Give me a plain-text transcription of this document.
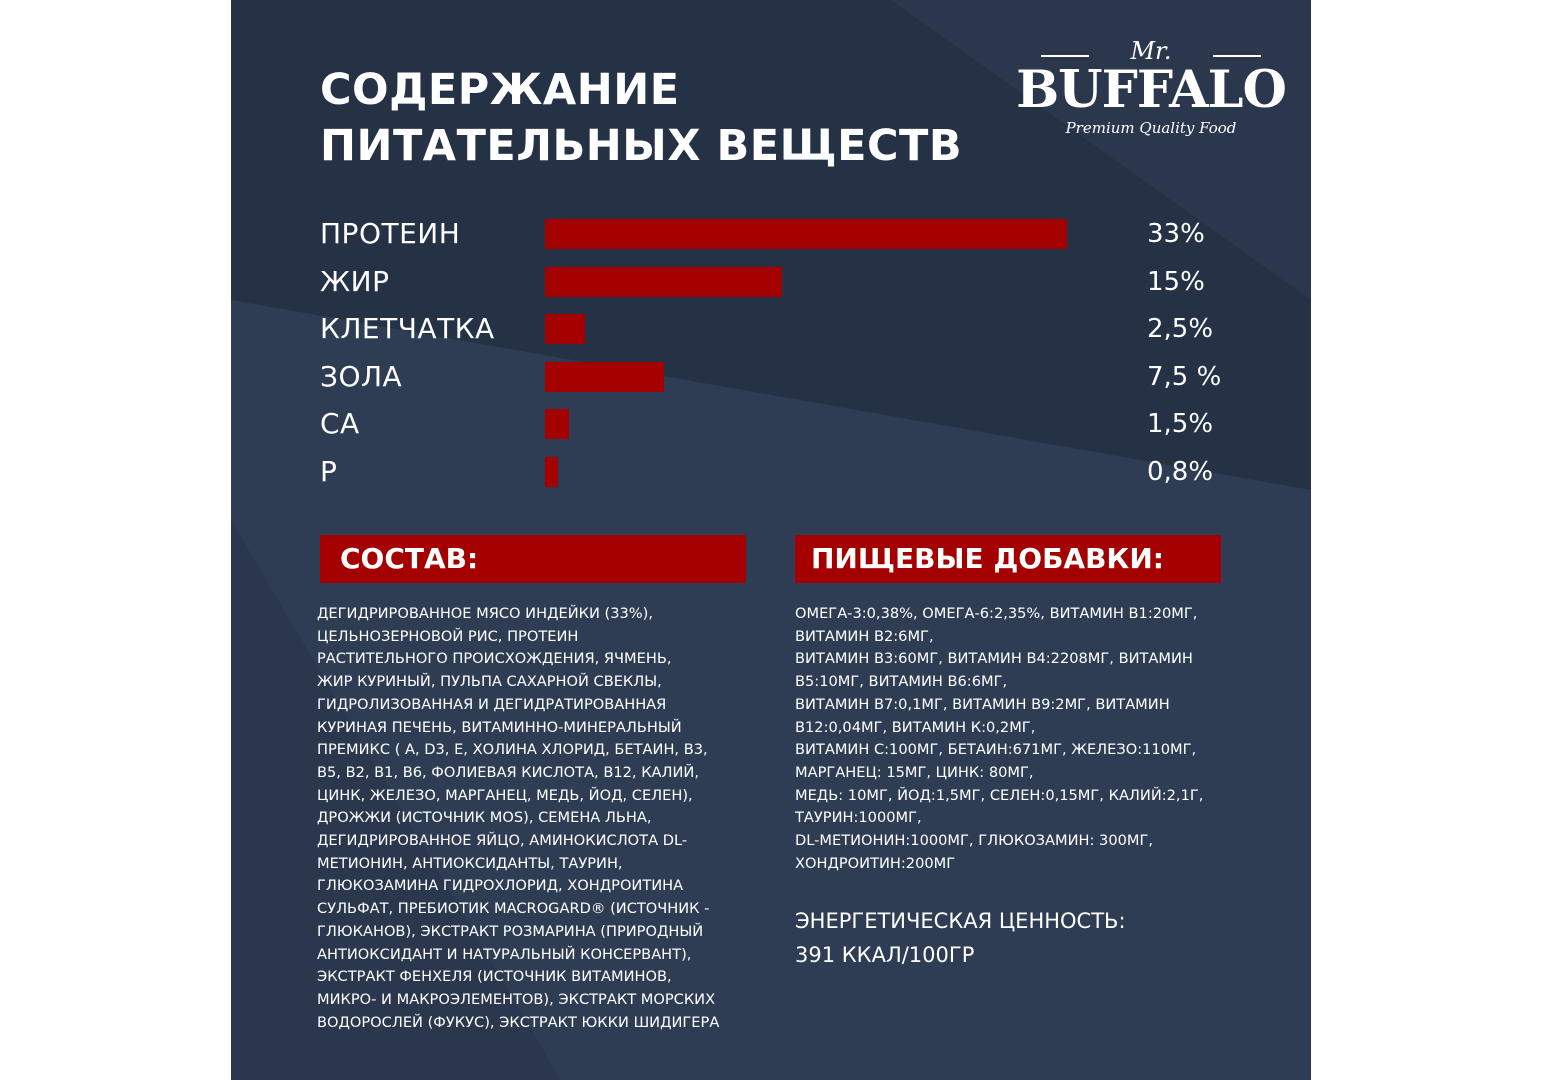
СОДЕРЖАНИЕ
ПИТАТЕЛЬНЫХ ВЕЩЕСТВ
Mr.
BUFFALO
Premium Quality Food
ПРОТЕИН	33%
ЖИР	15%
КЛЕТЧАТКА	2,5%
ЗОЛА	7,5 %
CA	1,5%
P	0,8%
СОСТАВ:	ПИЩЕВЫЕ ДОБАВКИ:

ДЕГИДРИРОВАННОЕ МЯСО ИНДЕЙКИ (33%),
ЦЕЛЬНОЗЕРНОВОЙ РИС, ПРОТЕИН
РАСТИТЕЛЬНОГО ПРОИСХОЖДЕНИЯ, ЯЧМЕНЬ,
ЖИР КУРИНЫЙ, ПУЛЬПА САХАРНОЙ СВЕКЛЫ,
ГИДРОЛИЗОВАННАЯ И ДЕГИДРАТИРОВАННАЯ
КУРИНАЯ ПЕЧЕНЬ, ВИТАМИННО-МИНЕРАЛЬНЫЙ
ПРЕМИКС ( A, D3, E, ХОЛИНА ХЛОРИД, БЕТАИН, B3,
B5, B2, B1, B6, ФОЛИЕВАЯ КИСЛОТА, B12, КАЛИЙ,
ЦИНК, ЖЕЛЕЗО, МАРГАНЕЦ, МЕДЬ, ЙОД, СЕЛЕН),
ДРОЖЖИ (ИСТОЧНИК MOS), СЕМЕНА ЛЬНА,
ДЕГИДРИРОВАННОЕ ЯЙЦО, АМИНОКИСЛОТА DL-
МЕТИОНИН, АНТИОКСИДАНТЫ, ТАУРИН,
ГЛЮКОЗАМИНА ГИДРОХЛОРИД, ХОНДРОИТИНА
СУЛЬФАТ, ПРЕБИОТИК MACROGARD® (ИСТОЧНИК -
ГЛЮКАНОВ), ЭКСТРАКТ РОЗМАРИНА (ПРИРОДНЫЙ
АНТИОКСИДАНТ И НАТУРАЛЬНЫЙ КОНСЕРВАНТ),
ЭКСТРАКТ ФЕНХЕЛЯ (ИСТОЧНИК ВИТАМИНОВ,
МИКРО- И МАКРОЭЛЕМЕНТОВ), ЭКСТРАКТ МОРСКИХ
ВОДОРОСЛЕЙ (ФУКУС), ЭКСТРАКТ ЮККИ ШИДИГЕРА

ОМЕГА-3:0,38%, ОМЕГА-6:2,35%, ВИТАМИН В1:20МГ,
ВИТАМИН В2:6МГ,
ВИТАМИН В3:60МГ, ВИТАМИН В4:2208МГ, ВИТАМИН
В5:10МГ, ВИТАМИН В6:6МГ,
ВИТАМИН В7:0,1МГ, ВИТАМИН В9:2МГ, ВИТАМИН
В12:0,04МГ, ВИТАМИН К:0,2МГ,
ВИТАМИН С:100МГ, БЕТАИН:671МГ, ЖЕЛЕЗО:110МГ,
МАРГАНЕЦ: 15МГ, ЦИНК: 80МГ,
МЕДЬ: 10МГ, ЙОД:1,5МГ, СЕЛЕН:0,15МГ, КАЛИЙ:2,1Г,
ТАУРИН:1000МГ,
DL-МЕТИОНИН:1000МГ, ГЛЮКОЗАМИН: 300МГ,
ХОНДРОИТИН:200МГ

ЭНЕРГЕТИЧЕСКАЯ ЦЕННОСТЬ:
391 ККАЛ/100ГР
